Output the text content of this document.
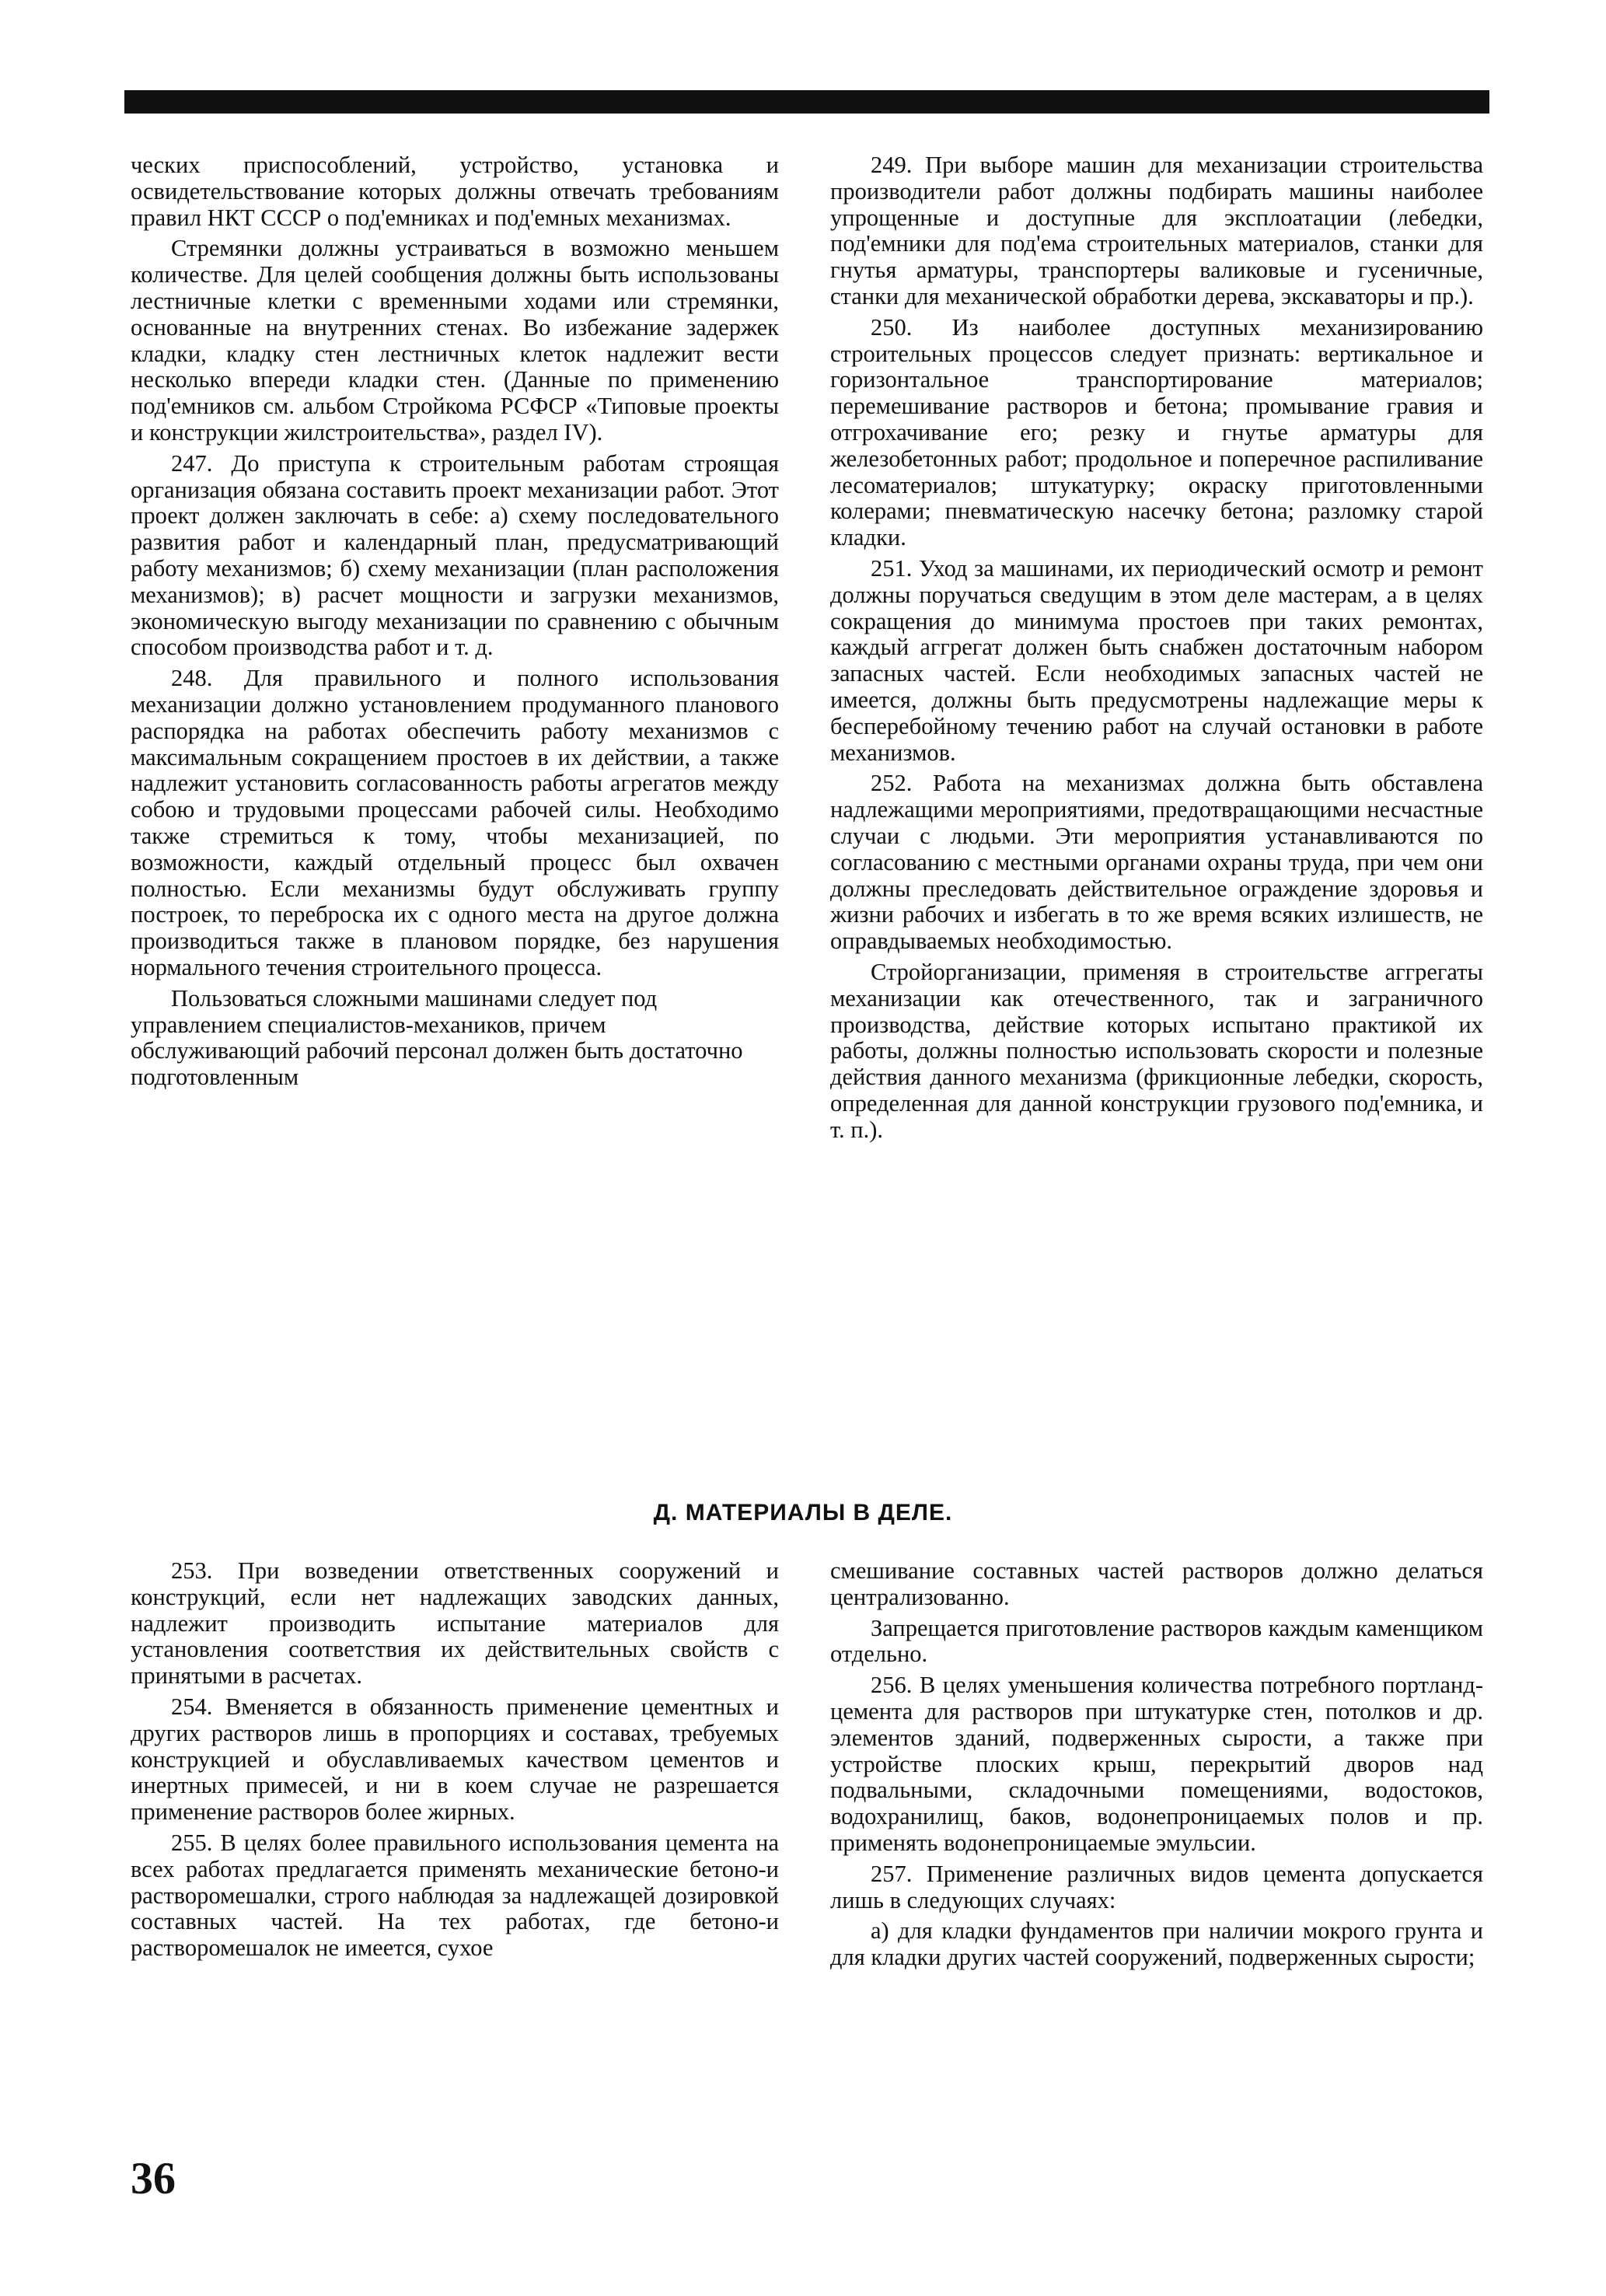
ческих приспособлений, устройство, установка и освидетельствование которых должны отвечать требованиям правил НКТ СССР о под'емниках и под'емных механизмах.

Стремянки должны устраиваться в возможно меньшем количестве. Для целей сообщения должны быть использованы лестничные клетки с временными ходами или стремянки, основанные на внутренних стенах. Во избежание задержек кладки, кладку стен лестничных клеток надлежит вести несколько впереди кладки стен. (Данные по применению под'емников см. альбом Стройкома РСФСР «Типовые проекты и конструкции жилстроительства», раздел IV).

247. До приступа к строительным работам строящая организация обязана составить проект механизации работ. Этот проект должен заключать в себе: а) схему последовательного развития работ и календарный план, предусматривающий работу механизмов; б) схему механизации (план расположения механизмов); в) расчет мощности и загрузки механизмов, экономическую выгоду механизации по сравнению с обычным способом производства работ и т. д.

248. Для правильного и полного использования механизации должно установлением продуманного планового распорядка на работах обеспечить работу механизмов с максимальным сокращением простоев в их действии, а также надлежит установить согласованность работы агрегатов между собою и трудовыми процессами рабочей силы. Необходимо также стремиться к тому, чтобы механизацией, по возможности, каждый отдельный процесс был охвачен полностью. Если механизмы будут обслуживать группу построек, то переброска их с одного места на другое должна производиться также в плановом порядке, без нарушения нормального течения строительного процесса.

Пользоваться сложными машинами следует под управлением специалистов-механиков, причем обслуживающий рабочий персонал должен быть достаточно подготовленным

249. При выборе машин для механизации строительства производители работ должны подбирать машины наиболее упрощенные и доступные для эксплоатации (лебедки, под'емники для под'ема строительных материалов, станки для гнутья арматуры, транспортеры валиковые и гусеничные, станки для механической обработки дерева, экскаваторы и пр.).

250. Из наиболее доступных механизированию строительных процессов следует признать: вертикальное и горизонтальное транспортирование материалов; перемешивание растворов и бетона; промывание гравия и отгрохачивание его; резку и гнутье арматуры для железобетонных работ; продольное и поперечное распиливание лесоматериалов; штукатурку; окраску приготовленными колерами; пневматическую насечку бетона; разломку старой кладки.

251. Уход за машинами, их периодический осмотр и ремонт должны поручаться сведущим в этом деле мастерам, а в целях сокращения до минимума простоев при таких ремонтах, каждый аггрегат должен быть снабжен достаточным набором запасных частей. Если необходимых запасных частей не имеется, должны быть предусмотрены надлежащие меры к бесперебойному течению работ на случай остановки в работе механизмов.

252. Работа на механизмах должна быть обставлена надлежащими мероприятиями, предотвращающими несчастные случаи с людьми. Эти мероприятия устанавливаются по согласованию с местными органами охраны труда, при чем они должны преследовать действительное ограждение здоровья и жизни рабочих и избегать в то же время всяких излишеств, не оправдываемых необходимостью.

Стройорганизации, применяя в строительстве аггрегаты механизации как отечественного, так и заграничного производства, действие которых испытано практикой их работы, должны полностью использовать скорости и полезные действия данного механизма (фрикционные лебедки, скорость, определенная для данной конструкции грузового под'емника, и т. п.).

Д. МАТЕРИАЛЫ В ДЕЛЕ.

253. При возведении ответственных сооружений и конструкций, если нет надлежащих заводских данных, надлежит производить испытание материалов для установления соответствия их действительных свойств с принятыми в расчетах.

254. Вменяется в обязанность применение цементных и других растворов лишь в пропорциях и составах, требуемых конструкцией и обуславливаемых качеством цементов и инертных примесей, и ни в коем случае не разрешается применение растворов более жирных.

255. В целях более правильного использования цемента на всех работах предлагается применять механические бетоно-и растворомешалки, строго наблюдая за надлежащей дозировкой составных частей. На тех работах, где бетоно-и растворомешалок не имеется, сухое

смешивание составных частей растворов должно делаться централизованно.

Запрещается приготовление растворов каждым каменщиком отдельно.

256. В целях уменьшения количества потребного портланд-цемента для растворов при штукатурке стен, потолков и др. элементов зданий, подверженных сырости, а также при устройстве плоских крыш, перекрытий дворов над подвальными, складочными помещениями, водостоков, водохранилищ, баков, водонепроницаемых полов и пр. применять водонепроницаемые эмульсии.

257. Применение различных видов цемента допускается лишь в следующих случаях:

а) для кладки фундаментов при наличии мокрого грунта и для кладки других частей сооружений, подверженных сырости;

36
